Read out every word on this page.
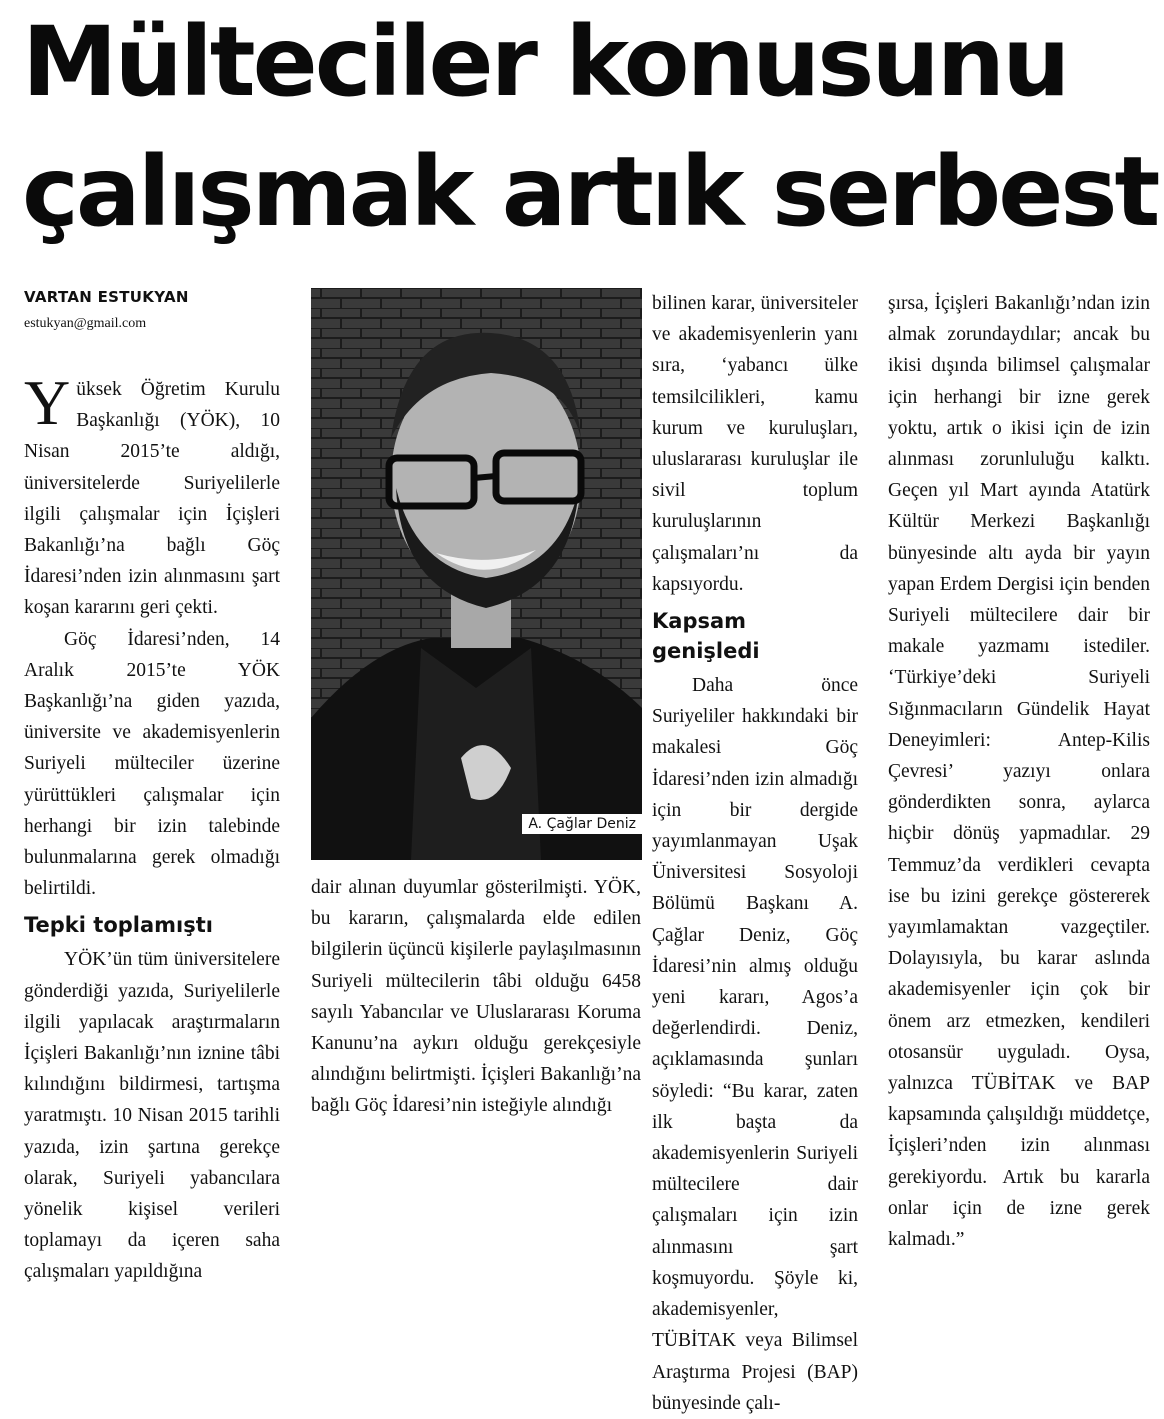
Mülteciler konusunu
çalışmak artık serbest
VARTAN ESTUKYAN
estukyan@gmail.com

Yüksek Öğretim Kurulu Başkanlığı (YÖK), 10 Nisan 2015’te aldığı, üniversitelerde Suriyelilerle ilgili çalışmalar için İçişleri Bakanlığı’na bağlı Göç İdaresi’nden izin alınmasını şart koşan kararını geri çekti.

Göç İdaresi’nden, 14 Aralık 2015’te YÖK Başkanlığı’na giden yazıda, üniversite ve akademisyenlerin Suriyeli mülteciler üzerine yürüttükleri çalışmalar için herhangi bir izin talebinde bulunmalarına gerek olmadığı belirtildi.

Tepki toplamıştı

YÖK’ün tüm üniversitelere gönderdiği yazıda, Suriyelilerle ilgili yapılacak araştırmaların İçişleri Bakanlığı’nın iznine tâbi kılındığını bildirmesi, tartışma yaratmıştı. 10 Nisan 2015 tarihli yazıda, izin şartına gerekçe olarak, Suriyeli yabancılara yönelik kişisel verileri toplamayı da içeren saha çalışmaları yapıldığına

A. Çağlar Deniz

dair alınan duyumlar gösterilmişti. YÖK, bu kararın, çalışmalarda elde edilen bilgilerin üçüncü kişilerle paylaşılmasının Suriyeli mültecilerin tâbi olduğu 6458 sayılı Yabancılar ve Uluslararası Koruma Kanunu’na aykırı olduğu gerekçesiyle alındığını belirtmişti. İçişleri Bakanlığı’na bağlı Göç İdaresi’nin isteğiyle alındığı

bilinen karar, üniversiteler ve akademisyenlerin yanı sıra, ‘yabancı ülke temsilcilikleri, kamu kurum ve kuruluşları, uluslararası kuruluşlar ile sivil toplum kuruluşlarının çalışmaları’nı da kapsıyordu.

Kapsam genişledi

Daha önce Suriyeliler hakkındaki bir makalesi Göç İdaresi’nden izin almadığı için bir dergide yayımlanmayan Uşak Üniversitesi Sosyoloji Bölümü Başkanı A. Çağlar Deniz, Göç İdaresi’nin almış olduğu yeni kararı, Agos’a değerlendirdi. Deniz, açıklamasında şunları söyledi: “Bu karar, zaten ilk başta da akademisyenlerin Suriyeli mültecilere dair çalışmaları için izin alınmasını şart koşmuyordu. Şöyle ki, akademisyenler, TÜBİTAK veya Bilimsel Araştırma Projesi (BAP) bünyesinde çalı-

şırsa, İçişleri Bakanlığı’ndan izin almak zorundaydılar; ancak bu ikisi dışında bilimsel çalışmalar için herhangi bir izne gerek yoktu, artık o ikisi için de izin alınması zorunluluğu kalktı. Geçen yıl Mart ayında Atatürk Kültür Merkezi Başkanlığı bünyesinde altı ayda bir yayın yapan Erdem Dergisi için benden Suriyeli mültecilere dair bir makale yazmamı istediler. ‘Türkiye’deki Suriyeli Sığınmacıların Gündelik Hayat Deneyimleri: Antep-Kilis Çevresi’ yazıyı onlara gönderdikten sonra, aylarca hiçbir dönüş yapmadılar. 29 Temmuz’da verdikleri cevapta ise bu izini gerekçe göstererek yayımlamaktan vazgeçtiler. Dolayısıyla, bu karar aslında akademisyenler için çok bir önem arz etmezken, kendileri otosansür uyguladı. Oysa, yalnızca TÜBİTAK ve BAP kapsamında çalışıldığı müddetçe, İçişleri’nden izin alınması gerekiyordu. Artık bu kararla onlar için de izne gerek kalmadı.”
